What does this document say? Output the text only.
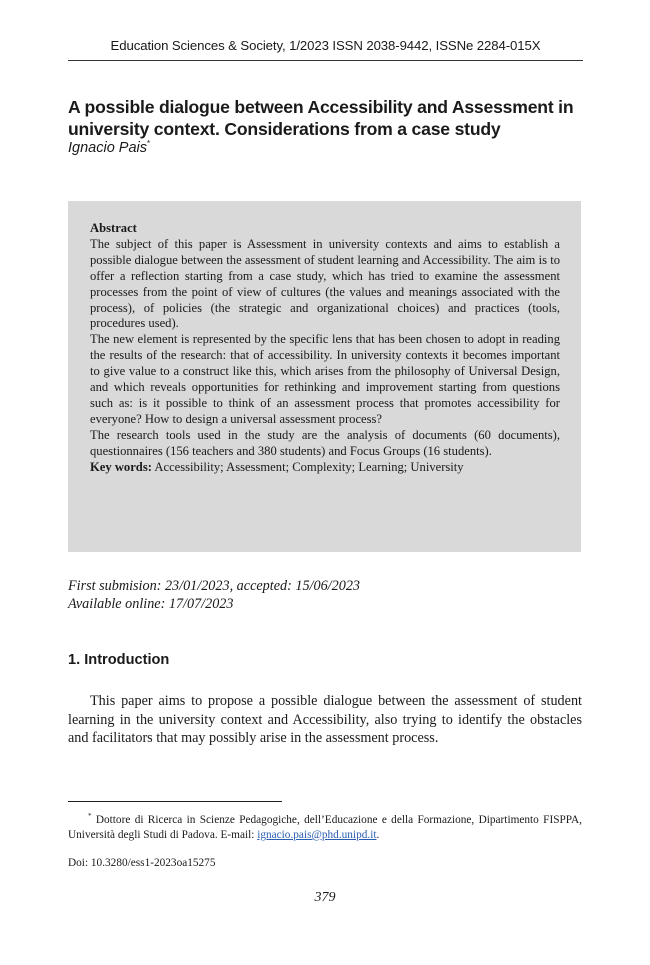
Education Sciences & Society, 1/2023 ISSN 2038-9442, ISSNe 2284-015X
A possible dialogue between Accessibility and Assessment in university context. Considerations from a case study
Ignacio Pais*

Abstract

The subject of this paper is Assessment in university contexts and aims to establish a possible dialogue between the assessment of student learning and Accessibility. The aim is to offer a reflection starting from a case study, which has tried to examine the assessment processes from the point of view of cultures (the values and meanings associated with the process), of policies (the strategic and organizational choices) and practices (tools, procedures used).

The new element is represented by the specific lens that has been chosen to adopt in reading the results of the research: that of accessibility. In university contexts it becomes important to give value to a construct like this, which arises from the philosophy of Universal Design, and which reveals opportunities for rethinking and improvement starting from questions such as: is it possible to think of an assessment process that promotes accessibility for everyone? How to design a universal assessment process?

The research tools used in the study are the analysis of documents (60 documents), questionnaires (156 teachers and 380 students) and Focus Groups (16 students).

Key words: Accessibility; Assessment; Complexity; Learning; University

First submision: 23/01/2023, accepted: 15/06/2023
Available online: 17/07/2023
1. Introduction

This paper aims to propose a possible dialogue between the assessment of student learning in the university context and Accessibility, also trying to identify the obstacles and facilitators that may possibly arise in the assessment process.

* Dottore di Ricerca in Scienze Pedagogiche, dell’Educazione e della Formazione, Dipartimento FISPPA, Università degli Studi di Padova. E-mail: ignacio.pais@phd.unipd.it.

Doi: 10.3280/ess1-2023oa15275
379
